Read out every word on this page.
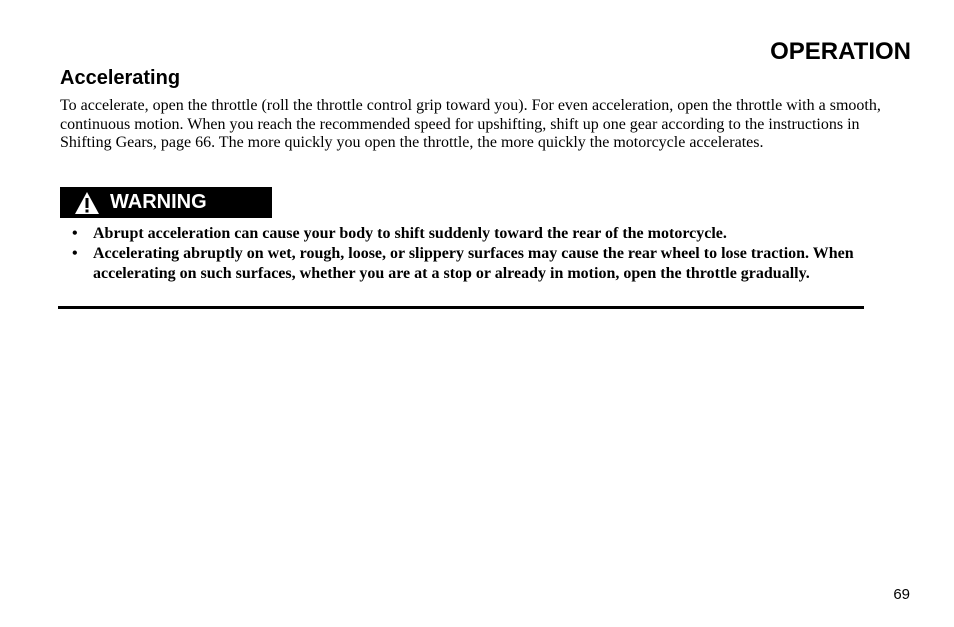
OPERATION
Accelerating

To accelerate, open the throttle (roll the throttle control grip toward you). For even acceleration, open the throttle with a smooth, continuous motion. When you reach the recommended speed for upshifting, shift up one gear according to the instructions in Shifting Gears, page 66. The more quickly you open the throttle, the more quickly the motorcycle accelerates.

WARNING
• Abrupt acceleration can cause your body to shift suddenly toward the rear of the motorcycle.
• Accelerating abruptly on wet, rough, loose, or slippery surfaces may cause the rear wheel to lose traction. When accelerating on such surfaces, whether you are at a stop or already in motion, open the throttle gradually.

69
